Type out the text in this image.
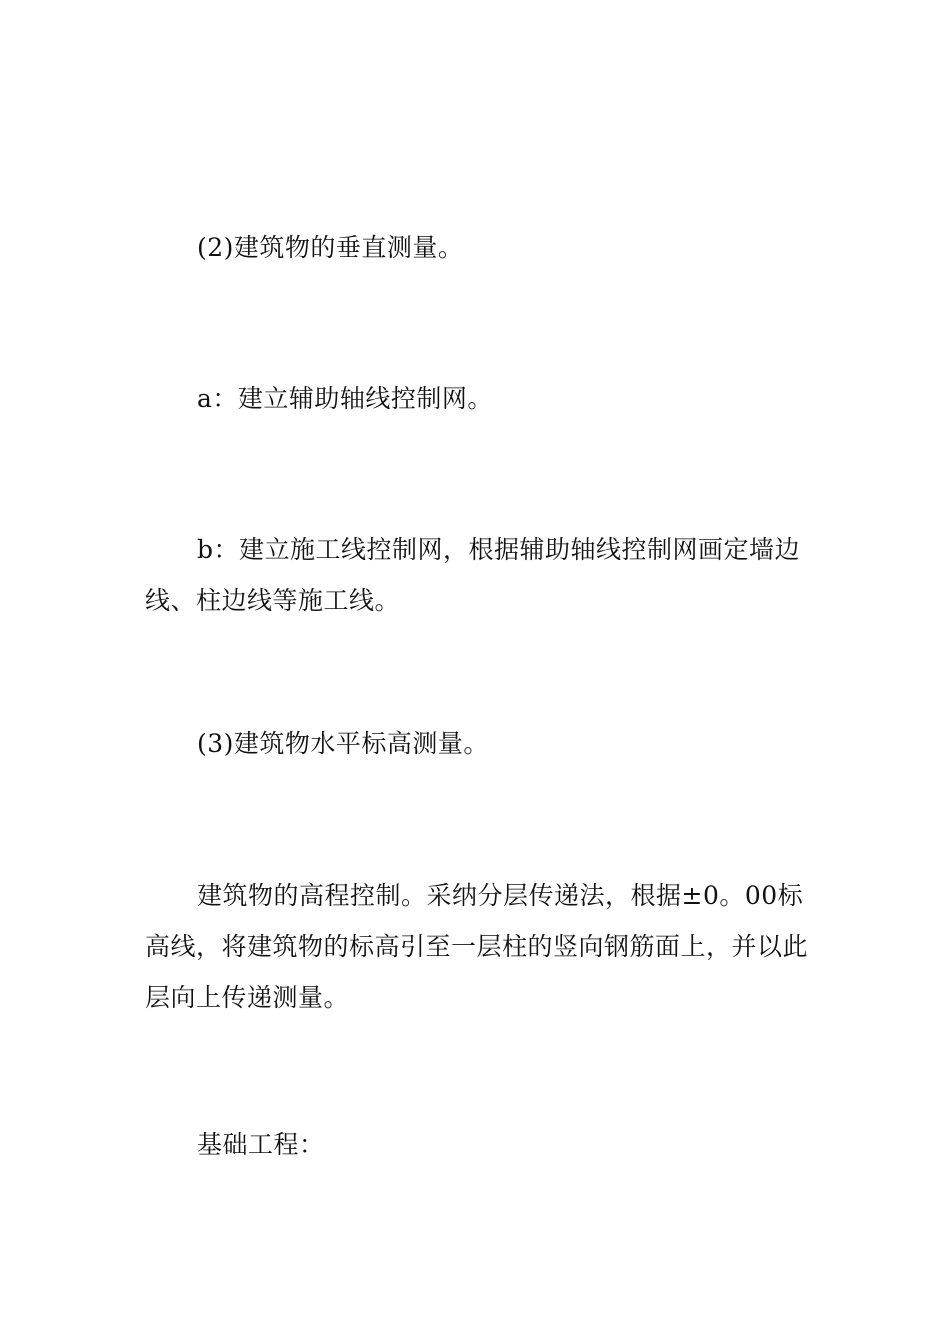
(2)建筑物的垂直测量。

a：建立辅助轴线控制网。

b：建立施工线控制网，根据辅助轴线控制网画定墙边线、柱边线等施工线。

(3)建筑物水平标高测量。

建筑物的高程控制。采纳分层传递法，根据±0。00标高线，将建筑物的标高引至一层柱的竖向钢筋面上，并以此层向上传递测量。

基础工程：
